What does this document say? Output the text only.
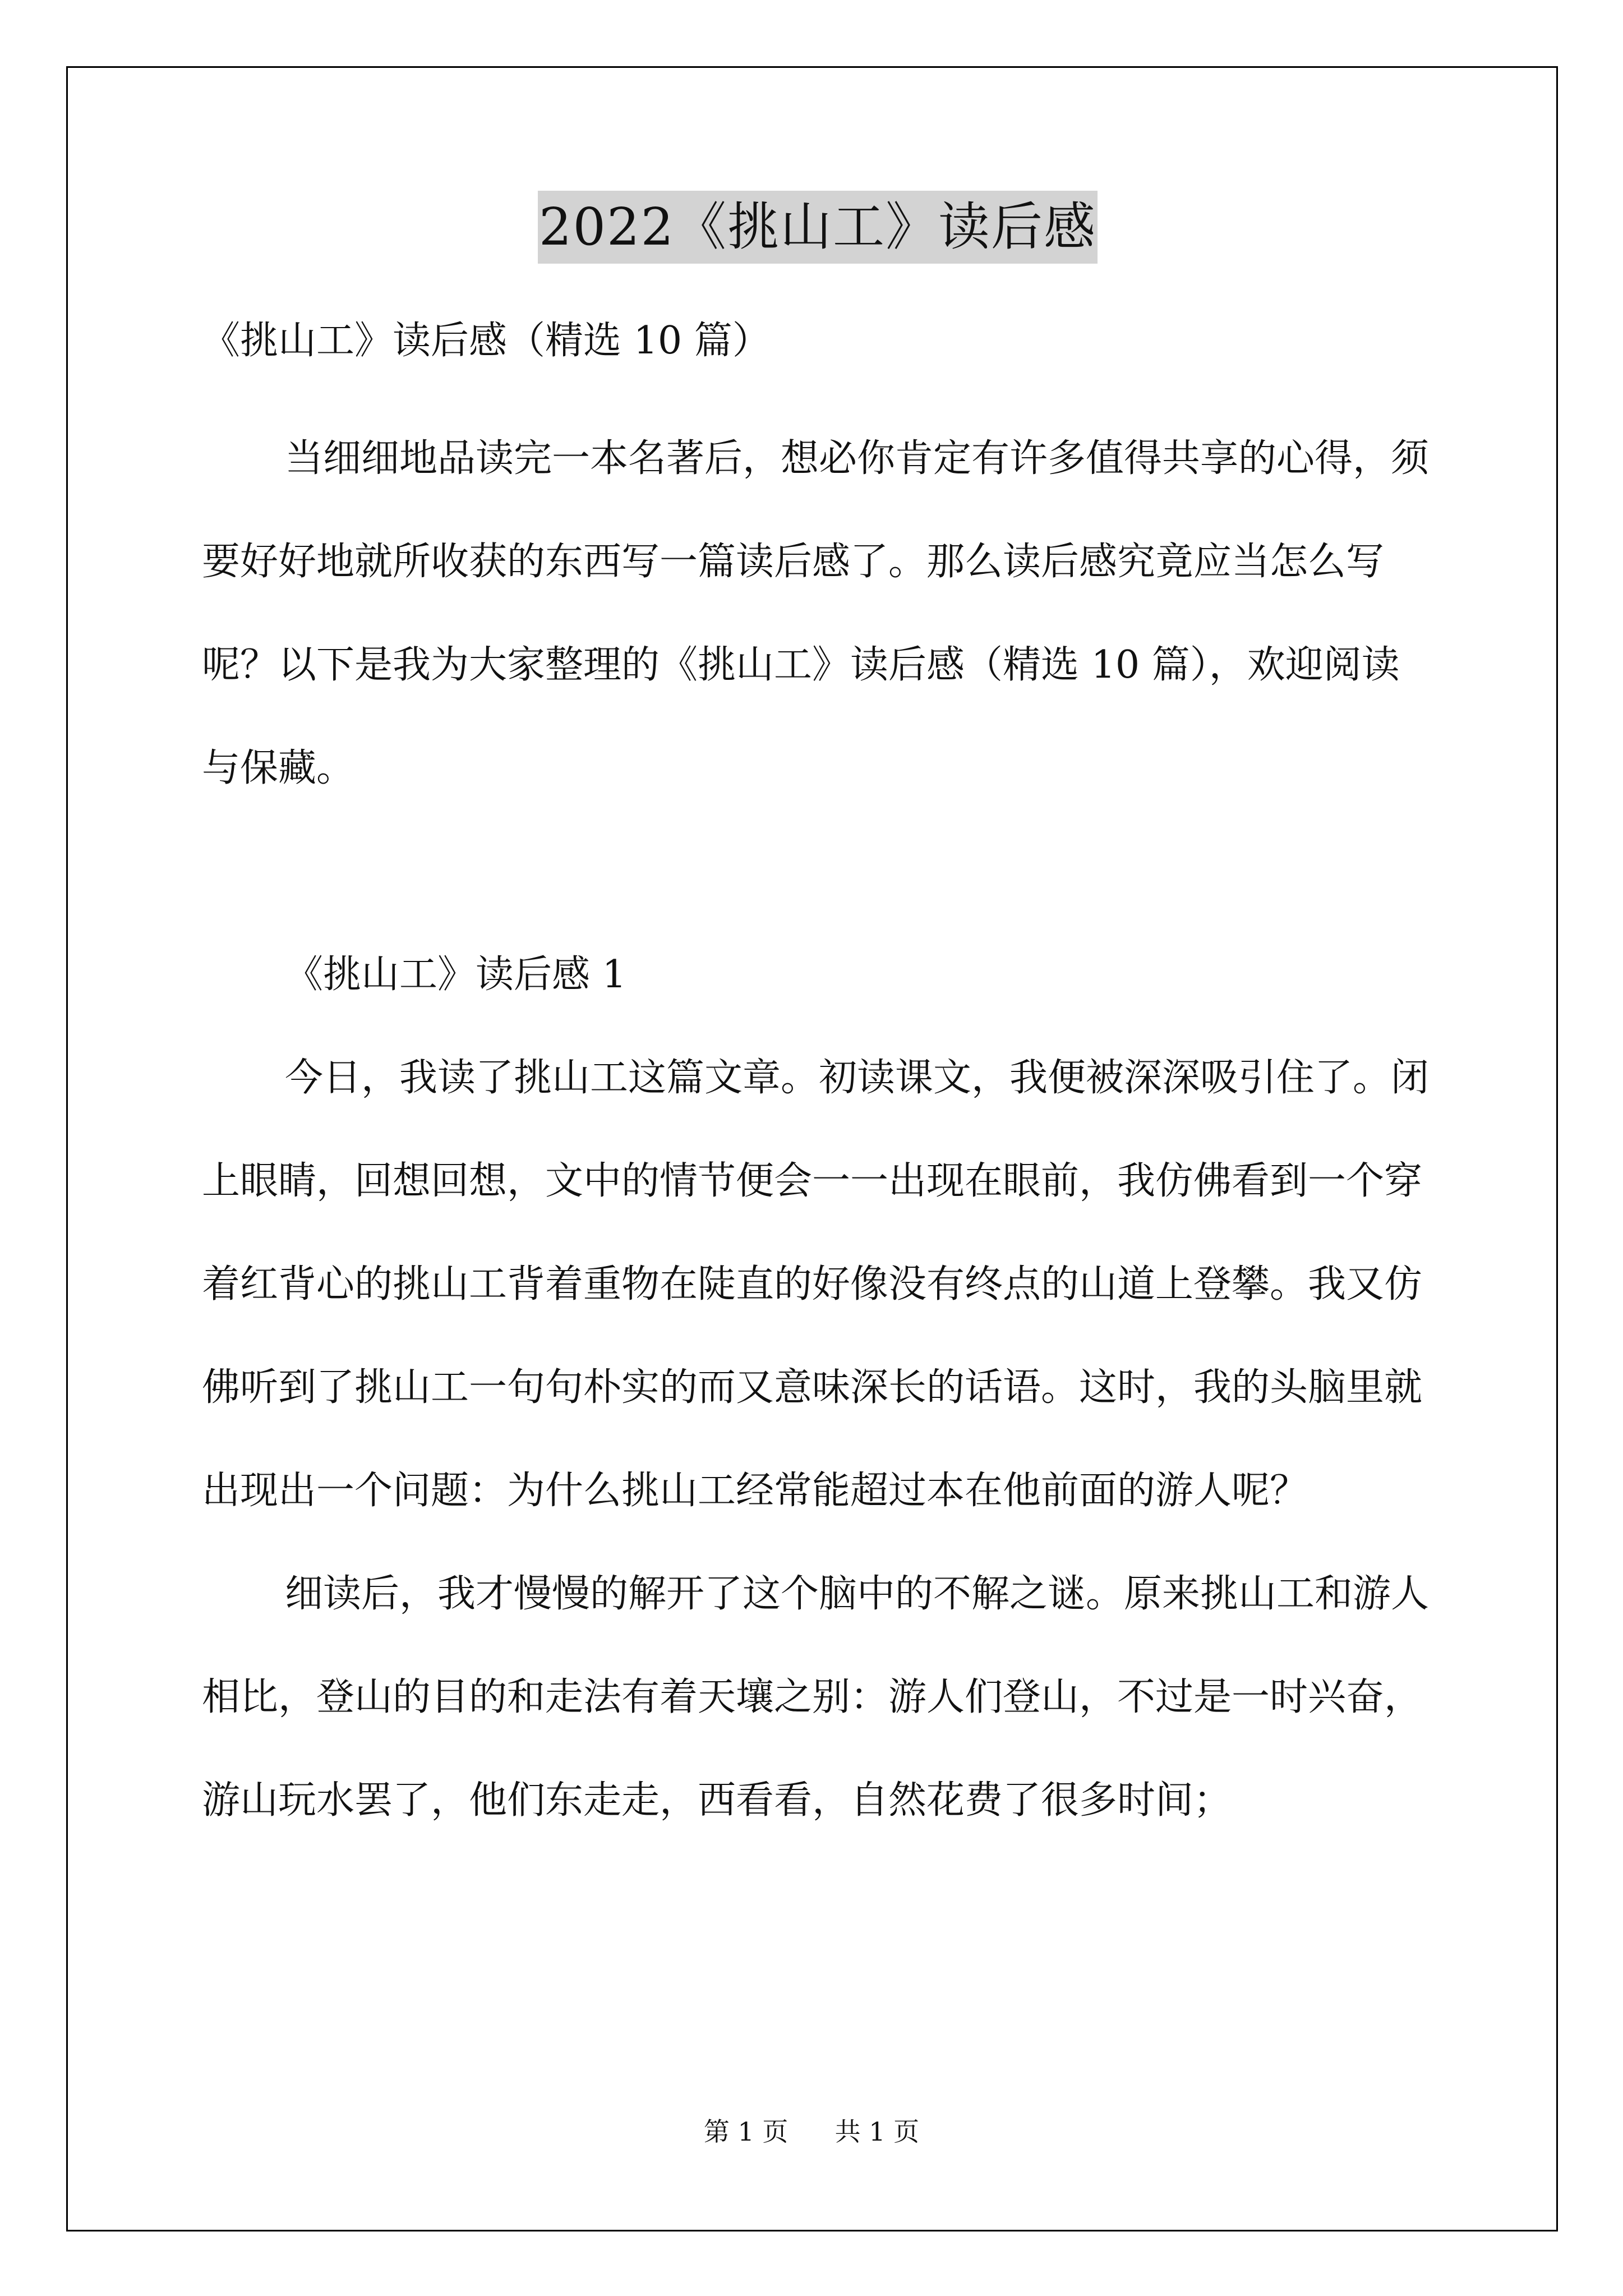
2022《挑山工》读后感

《挑山工》读后感（精选 10 篇）

当细细地品读完一本名著后，想必你肯定有许多值得共享的心得，须要好好地就所收获的东西写一篇读后感了。那么读后感究竟应当怎么写呢？以下是我为大家整理的《挑山工》读后感（精选 10 篇），欢迎阅读与保藏。

《挑山工》读后感 1

今日，我读了挑山工这篇文章。初读课文，我便被深深吸引住了。闭上眼睛，回想回想，文中的情节便会一一出现在眼前，我仿佛看到一个穿着红背心的挑山工背着重物在陡直的好像没有终点的山道上登攀。我又仿佛听到了挑山工一句句朴实的而又意味深长的话语。这时，我的头脑里就出现出一个问题：为什么挑山工经常能超过本在他前面的游人呢？

细读后，我才慢慢的解开了这个脑中的不解之谜。原来挑山工和游人相比，登山的目的和走法有着天壤之别：游人们登山，不过是一时兴奋，游山玩水罢了，他们东走走，西看看，自然花费了很多时间；

第 1 页 共 1 页
